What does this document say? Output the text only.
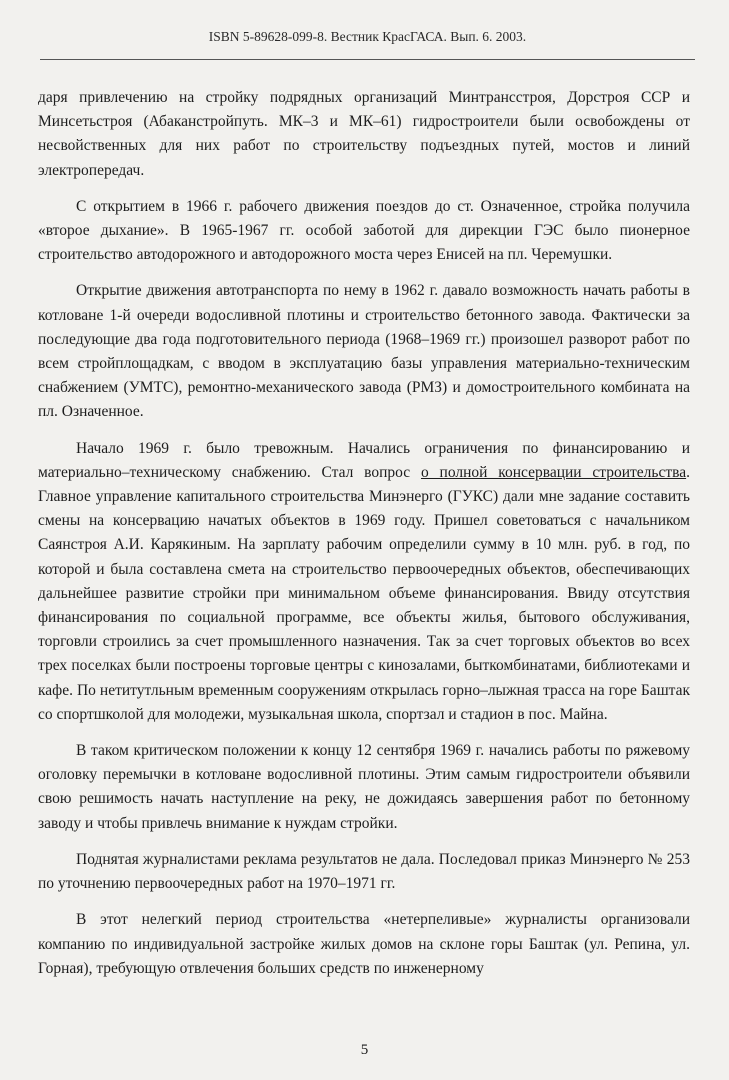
ISBN 5-89628-099-8. Вестник КрасГАСА. Вып. 6. 2003.

даря привлечению на стройку подрядных организаций Минтрансстроя, Дорстроя ССР и Минсетьстроя (Абаканстройпуть. МК–3 и МК–61) гидростроители были освобождены от несвойственных для них работ по строительству подъездных путей, мостов и линий электропередач.

С открытием в 1966 г. рабочего движения поездов до ст. Означенное, стройка получила «второе дыхание». В 1965-1967 гг. особой заботой для дирекции ГЭС было пионерное строительство автодорожного и автодорожного моста через Енисей на пл. Черемушки.

Открытие движения автотранспорта по нему в 1962 г. давало возможность начать работы в котловане 1-й очереди водосливной плотины и строительство бетонного завода. Фактически за последующие два года подготовительного периода (1968–1969 гг.) произошел разворот работ по всем стройплощадкам, с вводом в эксплуатацию базы управления материально-техническим снабжением (УМТС), ремонтно-механического завода (РМЗ) и домостроительного комбината на пл. Означенное.

Начало 1969 г. было тревожным. Начались ограничения по финансированию и материально–техническому снабжению. Стал вопрос о полной консервации строительства. Главное управление капитального строительства Минэнерго (ГУКС) дали мне задание составить смены на консервацию начатых объектов в 1969 году. Пришел советоваться с начальником Саянстроя А.И. Карякиным. На зарплату рабочим определили сумму в 10 млн. руб. в год, по которой и была составлена смета на строительство первоочередных объектов, обеспечивающих дальнейшее развитие стройки при минимальном объеме финансирования. Ввиду отсутствия финансирования по социальной программе, все объекты жилья, бытового обслуживания, торговли строились за счет промышленного назначения. Так за счет торговых объектов во всех трех поселках были построены торговые центры с кинозалами, быткомбинатами, библиотеками и кафе. По нетитутльным временным сооружениям открылась горно–лыжная трасса на горе Баштак со спортшколой для молодежи, музыкальная школа, спортзал и стадион в пос. Майна.

В таком критическом положении к концу 12 сентября 1969 г. начались работы по ряжевому оголовку перемычки в котловане водосливной плотины. Этим самым гидростроители объявили свою решимость начать наступление на реку, не дожидаясь завершения работ по бетонному заводу и чтобы привлечь внимание к нуждам стройки.

Поднятая журналистами реклама результатов не дала. Последовал приказ Минэнерго № 253 по уточнению первоочередных работ на 1970–1971 гг.

В этот нелегкий период строительства «нетерпеливые» журналисты организовали компанию по индивидуальной застройке жилых домов на склоне горы Баштак (ул. Репина, ул. Горная), требующую отвлечения больших средств по инженерному

5
